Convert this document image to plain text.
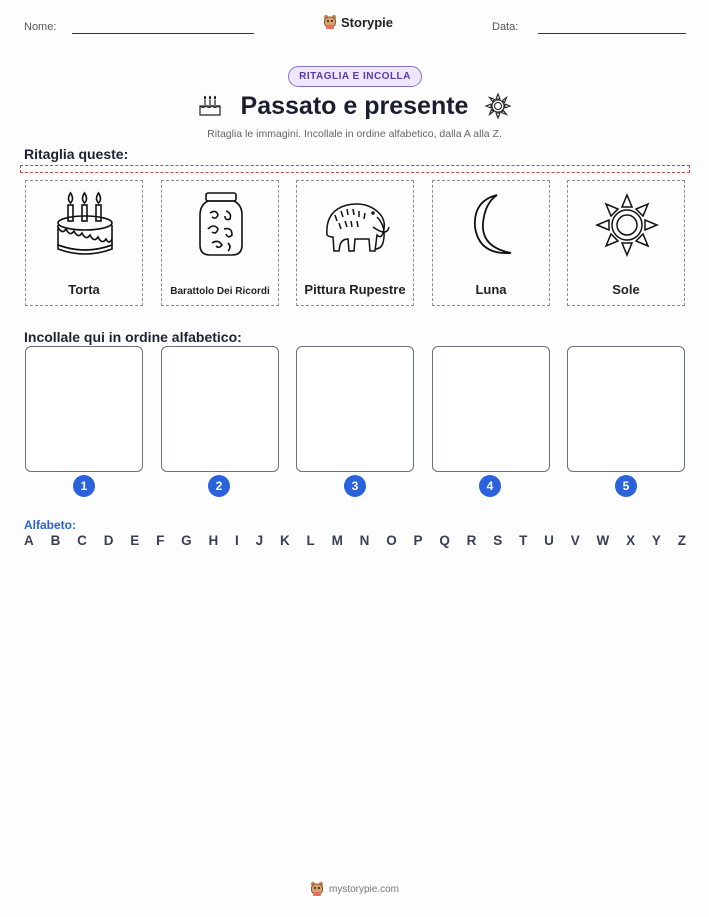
Nome:	Storypie	Data:
RITAGLIA E INCOLLA
Passato e presente
Ritaglia le immagini. Incollale in ordine alfabetico, dalla A alla Z.
Ritaglia queste:
Torta	Barattolo Dei Ricordi	Pittura Rupestre	Luna	Sole
Incollale qui in ordine alfabetico:
1	2	3	4	5
Alfabeto:
A B C D E F G H I J K L M N O P Q R S T U V W X Y Z
mystorypie.com
